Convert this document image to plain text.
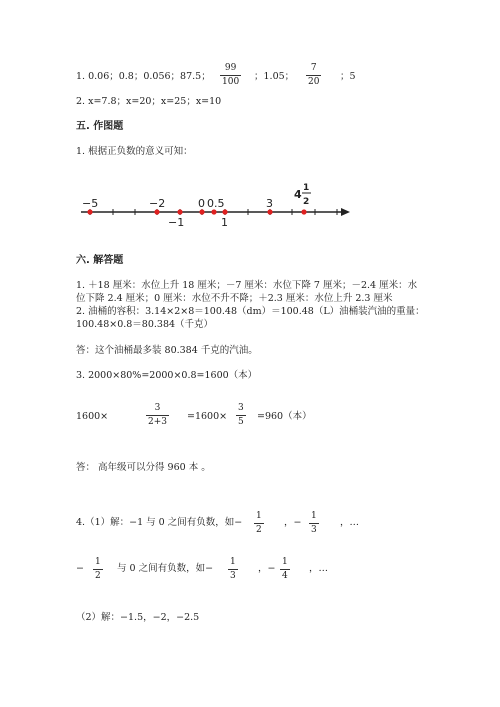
1. 0.06；0.8；0.056；87.5；
99
100 ；1.05；
7
20 ；5
2. x=7.8；x=20；x=25；x=10
五. 作图题
1. 根据正负数的意义可知：
−5	−2	0 0.5	3
4 1
2
−1	1
六. 解答题
1. ＋18 厘米：水位上升 18 厘米；－7 厘米：水位下降 7 厘米；－2.4 厘米：水
位下降 2.4 厘米；0 厘米：水位不升不降；＋2.3 厘米：水位上升 2.3 厘米
2. 油桶的容积：3.14×2×8＝100.48（dm）＝100.48（L）油桶装汽油的重量：
100.48×0.8＝80.384（千克）
答：这个油桶最多装 80.384 千克的汽油。
3. 2000×80%=2000×0.8=1600（本）
1600×
3
2+3 =1600×
3
5 =960（本）
答： 高年级可以分得 960 本 。
4.（1）解：−1 与 0 之间有负数，如−
1
2
，−
1
3
，…
−
1
2
与 0 之间有负数，如−
1
3
，−
1
4
，…
（2）解：−1.5，−2，−2.5
